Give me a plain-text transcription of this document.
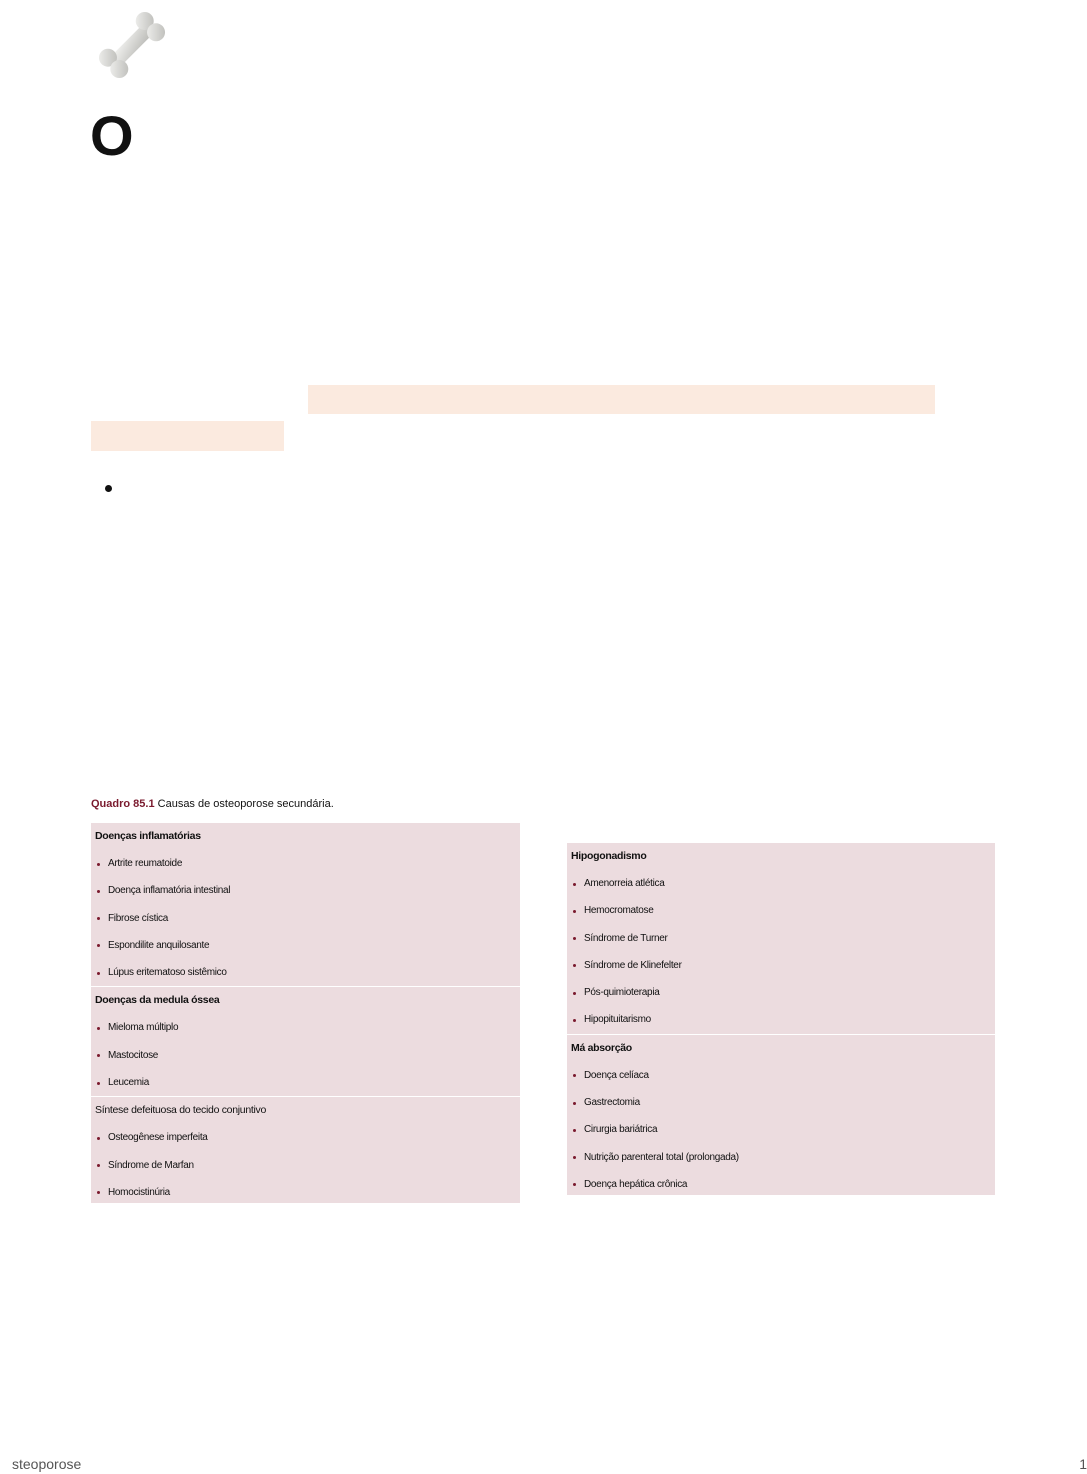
O
Quadro 85.1 Causas de osteoporose secundária.
Doenças inflamatórias
Artrite reumatoide
Doença inflamatória intestinal
Fibrose cística
Espondilite anquilosante
Lúpus eritematoso sistêmico
Doenças da medula óssea
Mieloma múltiplo
Mastocitose
Leucemia
Síntese defeituosa do tecido conjuntivo
Osteogênese imperfeita
Síndrome de Marfan
Homocistinúria
Hipogonadismo
Amenorreia atlética
Hemocromatose
Síndrome de Turner
Síndrome de Klinefelter
Pós-quimioterapia
Hipopituitarismo
Má absorção
Doença celíaca
Gastrectomia
Cirurgia bariátrica
Nutrição parenteral total (prolongada)
Doença hepática crônica
steoporose	1
